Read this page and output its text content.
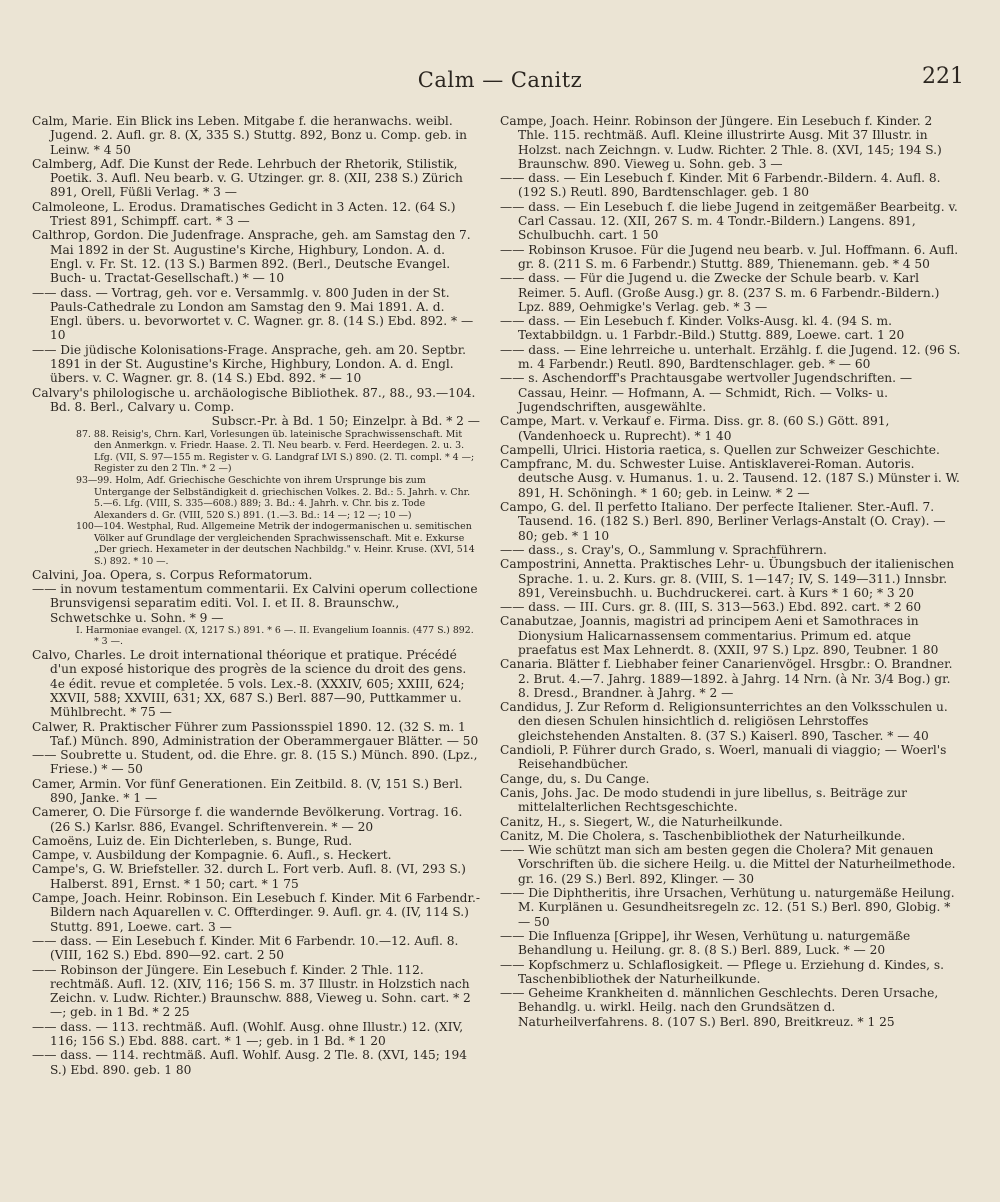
Calm — Canitz	221

Calm, Marie. Ein Blick ins Leben. Mitgabe f. die heranwachs. weibl. Jugend. 2. Aufl. gr. 8. (X, 335 S.) Stuttg. 892, Bonz u. Comp. geb. in Leinw. * 4 50

Calmberg, Adf. Die Kunst der Rede. Lehrbuch der Rhetorik, Stilistik, Poetik. 3. Aufl. Neu bearb. v. G. Utzinger. gr. 8. (XII, 238 S.) Zürich 891, Orell, Füßli Verlag. * 3 —

Calmoleone, L. Erodus. Dramatisches Gedicht in 3 Acten. 12. (64 S.) Triest 891, Schimpff. cart. * 3 —

Calthrop, Gordon. Die Judenfrage. Ansprache, geh. am Samstag den 7. Mai 1892 in der St. Augustine's Kirche, Highbury, London. A. d. Engl. v. Fr. St. 12. (13 S.) Barmen 892. (Berl., Deutsche Evangel. Buch- u. Tractat-Gesellschaft.) * — 10

—— dass. — Vortrag, geh. vor e. Versammlg. v. 800 Juden in der St. Pauls-Cathedrale zu London am Samstag den 9. Mai 1891. A. d. Engl. übers. u. bevorwortet v. C. Wagner. gr. 8. (14 S.) Ebd. 892. * — 10

—— Die jüdische Kolonisations-Frage. Ansprache, geh. am 20. Septbr. 1891 in der St. Augustine's Kirche, Highbury, London. A. d. Engl. übers. v. C. Wagner. gr. 8. (14 S.) Ebd. 892. * — 10

Calvary's philologische u. archäologische Bibliothek. 87., 88., 93.—104. Bd. 8. Berl., Calvary u. Comp.

Subscr.-Pr. à Bd. 1 50; Einzelpr. à Bd. * 2 —

87. 88. Reisig's, Chrn. Karl, Vorlesungen üb. lateinische Sprachwissenschaft. Mit den Anmerkgn. v. Friedr. Haase. 2. Tl. Neu bearb. v. Ferd. Heerdegen. 2. u. 3. Lfg. (VII, S. 97—155 m. Register v. G. Landgraf LVI S.) 890. (2. Tl. compl. * 4 —; Register zu den 2 Tln. * 2 —)

93—99. Holm, Adf. Griechische Geschichte von ihrem Ursprunge bis zum Untergange der Selbständigkeit d. griechischen Volkes. 2. Bd.: 5. Jahrh. v. Chr. 5.—6. Lfg. (VIII, S. 335—608.) 889; 3. Bd.: 4. Jahrh. v. Chr. bis z. Tode Alexanders d. Gr. (VIII, 520 S.) 891. (1.—3. Bd.: 14 —; 12 —; 10 —)

100—104. Westphal, Rud. Allgemeine Metrik der indogermanischen u. semitischen Völker auf Grundlage der vergleichenden Sprachwissenschaft. Mit e. Exkurse „Der griech. Hexameter in der deutschen Nachbildg." v. Heinr. Kruse. (XVI, 514 S.) 892. * 10 —.

Calvini, Joa. Opera, s. Corpus Reformatorum.

—— in novum testamentum commentarii. Ex Calvini operum collectione Brunsvigensi separatim editi. Vol. I. et II. 8. Braunschw., Schwetschke u. Sohn. * 9 —

I. Harmoniae evangel. (X, 1217 S.) 891. * 6 —. II. Evangelium Ioannis. (477 S.) 892. * 3 —.

Calvo, Charles. Le droit international théorique et pratique. Précédé d'un exposé historique des progrès de la science du droit des gens. 4e édit. revue et completée. 5 vols. Lex.-8. (XXXIV, 605; XXIII, 624; XXVII, 588; XXVIII, 631; XX, 687 S.) Berl. 887—90, Puttkammer u. Mühlbrecht. * 75 —

Calwer, R. Praktischer Führer zum Passionsspiel 1890. 12. (32 S. m. 1 Taf.) Münch. 890, Administration der Oberammergauer Blätter. — 50

—— Soubrette u. Student, od. die Ehre. gr. 8. (15 S.) Münch. 890. (Lpz., Friese.) * — 50

Camer, Armin. Vor fünf Generationen. Ein Zeitbild. 8. (V, 151 S.) Berl. 890, Janke. * 1 —

Camerer, O. Die Fürsorge f. die wandernde Bevölkerung. Vortrag. 16. (26 S.) Karlsr. 886, Evangel. Schriftenverein. * — 20

Camoëns, Luiz de. Ein Dichterleben, s. Bunge, Rud.

Campe, v. Ausbildung der Kompagnie. 6. Aufl., s. Heckert.

Campe's, G. W. Briefsteller. 32. durch L. Fort verb. Aufl. 8. (VI, 293 S.) Halberst. 891, Ernst. * 1 50; cart. * 1 75

Campe, Joach. Heinr. Robinson. Ein Lesebuch f. Kinder. Mit 6 Farbendr.-Bildern nach Aquarellen v. C. Offterdinger. 9. Aufl. gr. 4. (IV, 114 S.) Stuttg. 891, Loewe. cart. 3 —

—— dass. — Ein Lesebuch f. Kinder. Mit 6 Farbendr. 10.—12. Aufl. 8. (VIII, 162 S.) Ebd. 890—92. cart. 2 50

—— Robinson der Jüngere. Ein Lesebuch f. Kinder. 2 Thle. 112. rechtmäß. Aufl. 12. (XIV, 116; 156 S. m. 37 Illustr. in Holzstich nach Zeichn. v. Ludw. Richter.) Braunschw. 888, Vieweg u. Sohn. cart. * 2 —; geb. in 1 Bd. * 2 25

—— dass. — 113. rechtmäß. Aufl. (Wohlf. Ausg. ohne Illustr.) 12. (XIV, 116; 156 S.) Ebd. 888. cart. * 1 —; geb. in 1 Bd. * 1 20

—— dass. — 114. rechtmäß. Aufl. Wohlf. Ausg. 2 Tle. 8. (XVI, 145; 194 S.) Ebd. 890. geb. 1 80

Campe, Joach. Heinr. Robinson der Jüngere. Ein Lesebuch f. Kinder. 2 Thle. 115. rechtmäß. Aufl. Kleine illustrirte Ausg. Mit 37 Illustr. in Holzst. nach Zeichngn. v. Ludw. Richter. 2 Thle. 8. (XVI, 145; 194 S.) Braunschw. 890. Vieweg u. Sohn. geb. 3 —

—— dass. — Ein Lesebuch f. Kinder. Mit 6 Farbendr.-Bildern. 4. Aufl. 8. (192 S.) Reutl. 890, Bardtenschlager. geb. 1 80

—— dass. — Ein Lesebuch f. die liebe Jugend in zeitgemäßer Bearbeitg. v. Carl Cassau. 12. (XII, 267 S. m. 4 Tondr.-Bildern.) Langens. 891, Schulbuchh. cart. 1 50

—— Robinson Krusoe. Für die Jugend neu bearb. v. Jul. Hoffmann. 6. Aufl. gr. 8. (211 S. m. 6 Farbendr.) Stuttg. 889, Thienemann. geb. * 4 50

—— dass. — Für die Jugend u. die Zwecke der Schule bearb. v. Karl Reimer. 5. Aufl. (Große Ausg.) gr. 8. (237 S. m. 6 Farbendr.-Bildern.) Lpz. 889, Oehmigke's Verlag. geb. * 3 —

—— dass. — Ein Lesebuch f. Kinder. Volks-Ausg. kl. 4. (94 S. m. Textabbildgn. u. 1 Farbdr.-Bild.) Stuttg. 889, Loewe. cart. 1 20

—— dass. — Eine lehrreiche u. unterhalt. Erzählg. f. die Jugend. 12. (96 S. m. 4 Farbendr.) Reutl. 890, Bardtenschlager. geb. * — 60

—— s. Aschendorff's Prachtausgabe wertvoller Jugendschriften. — Cassau, Heinr. — Hofmann, A. — Schmidt, Rich. — Volks- u. Jugendschriften, ausgewählte.

Campe, Mart. v. Verkauf e. Firma. Diss. gr. 8. (60 S.) Gött. 891, (Vandenhoeck u. Ruprecht). * 1 40

Campelli, Ulrici. Historia raetica, s. Quellen zur Schweizer Geschichte.

Campfranc, M. du. Schwester Luise. Antisklaverei-Roman. Autoris. deutsche Ausg. v. Humanus. 1. u. 2. Tausend. 12. (187 S.) Münster i. W. 891, H. Schöningh. * 1 60; geb. in Leinw. * 2 —

Campo, G. del. Il perfetto Italiano. Der perfecte Italiener. Ster.-Aufl. 7. Tausend. 16. (182 S.) Berl. 890, Berliner Verlags-Anstalt (O. Cray). — 80; geb. * 1 10

—— dass., s. Cray's, O., Sammlung v. Sprachführern.

Campostrini, Annetta. Praktisches Lehr- u. Übungsbuch der italienischen Sprache. 1. u. 2. Kurs. gr. 8. (VIII, S. 1—147; IV, S. 149—311.) Innsbr. 891, Vereinsbuchh. u. Buchdruckerei. cart. à Kurs * 1 60; * 3 20

—— dass. — III. Curs. gr. 8. (III, S. 313—563.) Ebd. 892. cart. * 2 60

Canabutzae, Joannis, magistri ad principem Aeni et Samothraces in Dionysium Halicarnassensem commentarius. Primum ed. atque praefatus est Max Lehnerdt. 8. (XXII, 97 S.) Lpz. 890, Teubner. 1 80

Canaria. Blätter f. Liebhaber feiner Canarienvögel. Hrsgbr.: O. Brandner. 2. Brut. 4.—7. Jahrg. 1889—1892. à Jahrg. 14 Nrn. (à Nr. 3/4 Bog.) gr. 8. Dresd., Brandner. à Jahrg. * 2 —

Candidus, J. Zur Reform d. Religionsunterrichtes an den Volksschulen u. den diesen Schulen hinsichtlich d. religiösen Lehrstoffes gleichstehenden Anstalten. 8. (37 S.) Kaiserl. 890, Tascher. * — 40

Candioli, P. Führer durch Grado, s. Woerl, manuali di viaggio; — Woerl's Reisehandbücher.

Cange, du, s. Du Cange.

Canis, Johs. Jac. De modo studendi in jure libellus, s. Beiträge zur mittelalterlichen Rechtsgeschichte.

Canitz, H., s. Siegert, W., die Naturheilkunde.

Canitz, M. Die Cholera, s. Taschenbibliothek der Naturheilkunde.

—— Wie schützt man sich am besten gegen die Cholera? Mit genauen Vorschriften üb. die sichere Heilg. u. die Mittel der Naturheilmethode. gr. 16. (29 S.) Berl. 892, Klinger. — 30

—— Die Diphtheritis, ihre Ursachen, Verhütung u. naturgemäße Heilung. M. Kurplänen u. Gesundheitsregeln zc. 12. (51 S.) Berl. 890, Globig. * — 50

—— Die Influenza [Grippe], ihr Wesen, Verhütung u. naturgemäße Behandlung u. Heilung. gr. 8. (8 S.) Berl. 889, Luck. * — 20

—— Kopfschmerz u. Schlaflosigkeit. — Pflege u. Erziehung d. Kindes, s. Taschenbibliothek der Naturheilkunde.

—— Geheime Krankheiten d. männlichen Geschlechts. Deren Ursache, Behandlg. u. wirkl. Heilg. nach den Grundsätzen d. Naturheilverfahrens. 8. (107 S.) Berl. 890, Breitkreuz. * 1 25
